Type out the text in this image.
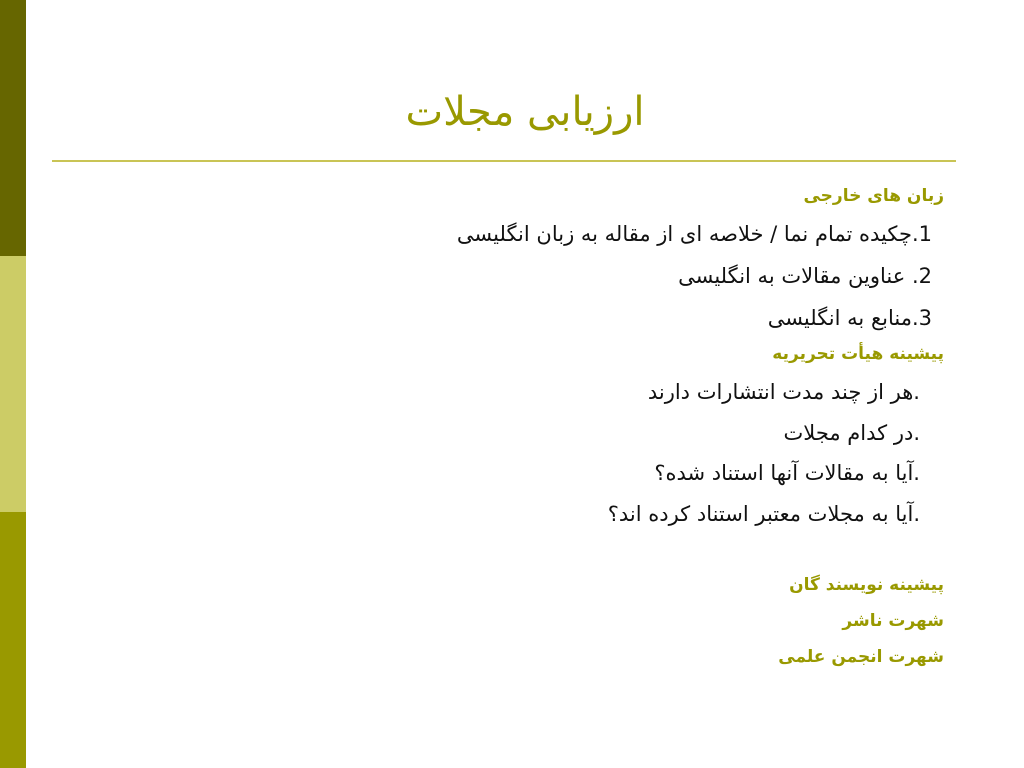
ارزیابی مجلات
زبان های خارجی
1.چکیده تمام نما / خلاصه ای از مقاله به زبان انگلیسی
2. عناوین مقالات به انگلیسی
3.منابع به انگلیسی
پیشینه هیأت تحریریه
.هر از چند مدت انتشارات دارند
.در کدام مجلات
.آیا به مقالات آنها استناد شده؟
.آیا به مجلات معتبر استناد کرده اند؟
پیشینه نویسند گان
شهرت ناشر
شهرت انجمن علمی
